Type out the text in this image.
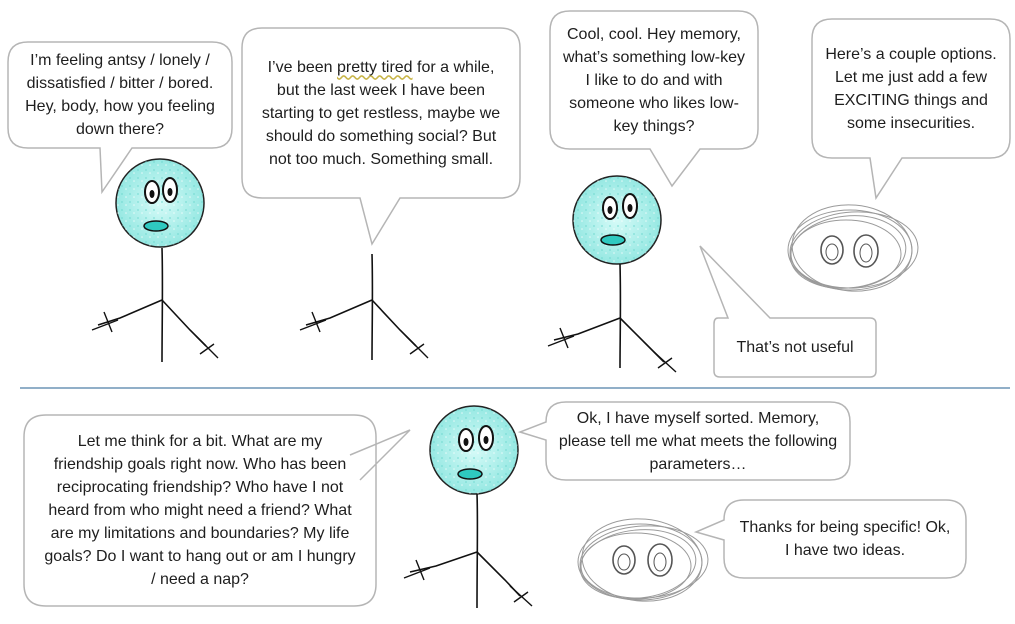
I’m feeling antsy / lonely / dissatisfied / bitter / bored. Hey, body, how you feeling down there?
I’ve been pretty tired for a while, but the last week I have been starting to get restless, maybe we should do something social? But not too much. Something small.
Cool, cool. Hey memory, what’s something low-key I like to do and with someone who likes low-key things?
Here’s a couple options. Let me just add a few EXCITING things and some insecurities.
That’s not useful
Let me think for a bit. What are my friendship goals right now. Who has been reciprocating friendship? Who have I not heard from who might need a friend? What are my limitations and boundaries? My life goals? Do I want to hang out or am I hungry / need a nap?
Ok, I have myself sorted. Memory, please tell me what meets the following parameters…
Thanks for being specific! Ok, I have two ideas.
